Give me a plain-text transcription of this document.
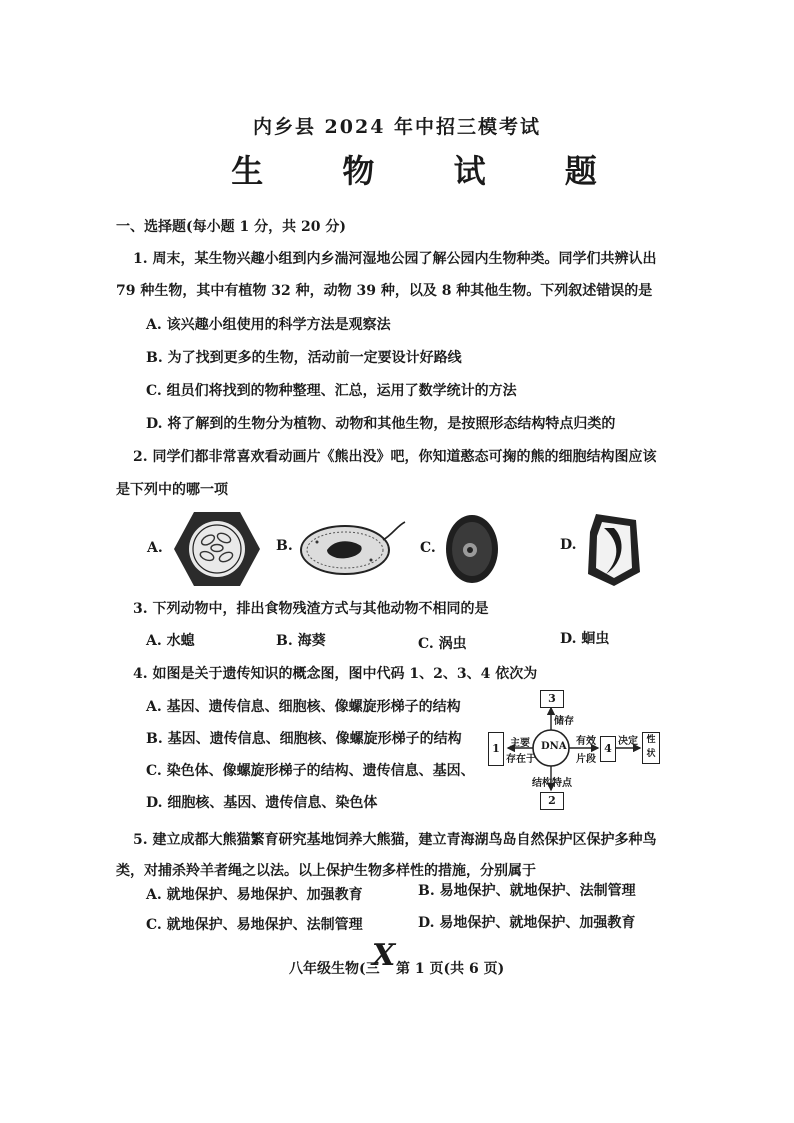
内乡县 2024 年中招三模考试
生 物 试 题
一、选择题(每小题 1 分，共 20 分)
1. 周末，某生物兴趣小组到内乡湍河湿地公园了解公园内生物种类。同学们共辨认出
79 种生物，其中有植物 32 种，动物 39 种，以及 8 种其他生物。下列叙述错误的是
A. 该兴趣小组使用的科学方法是观察法
B. 为了找到更多的生物，活动前一定要设计好路线
C. 组员们将找到的物种整理、汇总，运用了数学统计的方法
D. 将了解到的生物分为植物、动物和其他生物，是按照形态结构特点归类的
2. 同学们都非常喜欢看动画片《熊出没》吧，你知道憨态可掬的熊的细胞结构图应该
是下列中的哪一项
A.	B.	C.	D.
3. 下列动物中，排出食物残渣方式与其他动物不相同的是
A. 水螅	B. 海葵	C. 涡虫	D. 蛔虫
4. 如图是关于遗传知识的概念图，图中代码 1、2、3、4 依次为
A. 基因、遗传信息、细胞核、像螺旋形梯子的结构
B. 基因、遗传信息、细胞核、像螺旋形梯子的结构
C. 染色体、像螺旋形梯子的结构、遗传信息、基因、
D. 细胞核、基因、遗传信息、染色体
DNA
3
1	4
性状
2
储存
主要
存在于
有效
片段
决定
结构特点
5. 建立成都大熊猫繁育研究基地饲养大熊猫，建立青海湖鸟岛自然保护区保护多种鸟
类，对捕杀羚羊者绳之以法。以上保护生物多样性的措施，分别属于
A. 就地保护、易地保护、加强教育	B. 易地保护、就地保护、法制管理
C. 就地保护、易地保护、法制管理	D. 易地保护、就地保护、加强教育
八年级生物(三
X 第 1 页(共 6 页)
